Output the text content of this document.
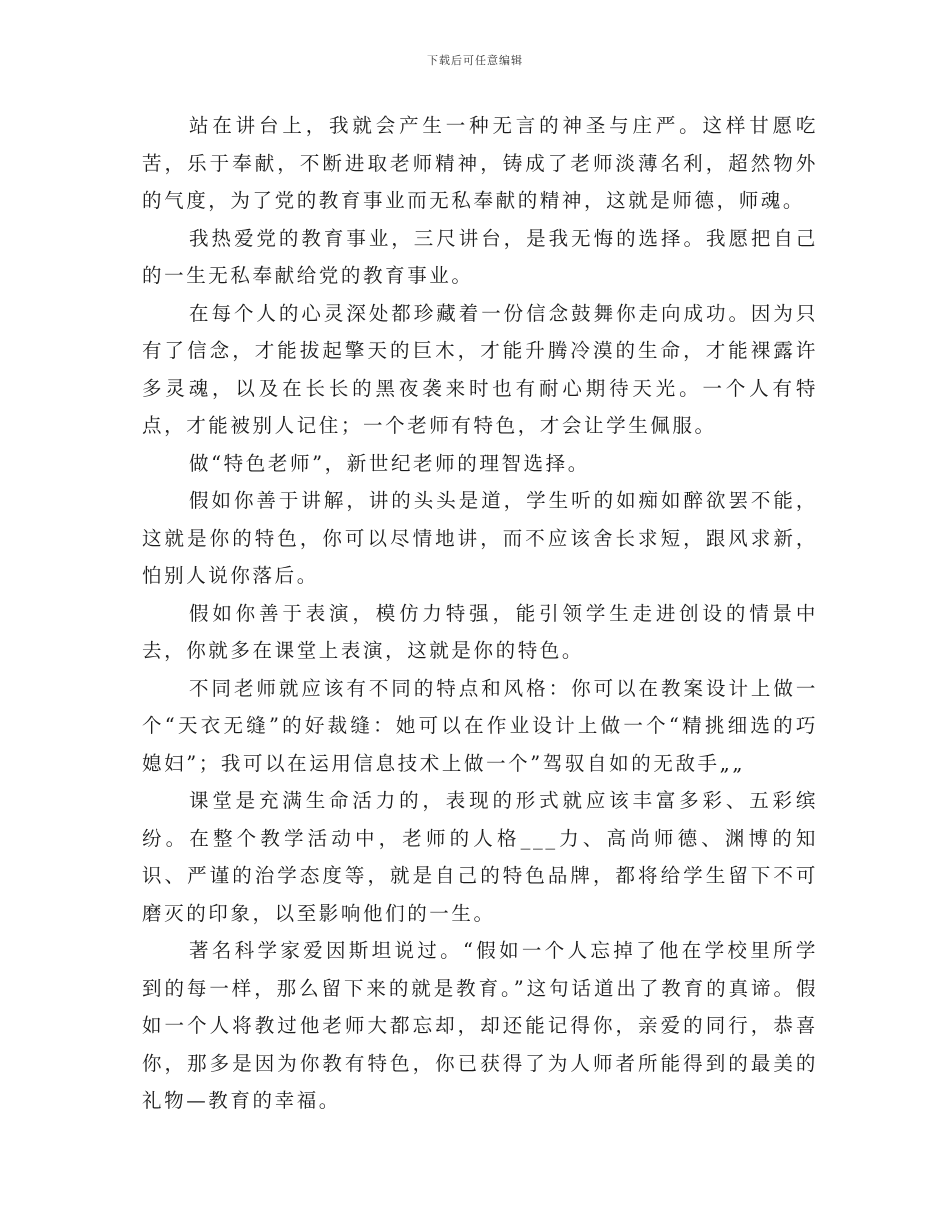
下载后可任意编辑

站在讲台上，我就会产生一种无言的神圣与庄严。这样甘愿吃苦，乐于奉献，不断进取老师精神，铸成了老师淡薄名利，超然物外的气度，为了党的教育事业而无私奉献的精神，这就是师德，师魂。

我热爱党的教育事业，三尺讲台，是我无悔的选择。我愿把自己的一生无私奉献给党的教育事业。

在每个人的心灵深处都珍藏着一份信念鼓舞你走向成功。因为只有了信念，才能拔起擎天的巨木，才能升腾冷漠的生命，才能裸露许多灵魂，以及在长长的黑夜袭来时也有耐心期待天光。一个人有特点，才能被别人记住；一个老师有特色，才会让学生佩服。

做“特色老师”，新世纪老师的理智选择。

假如你善于讲解，讲的头头是道，学生听的如痴如醉欲罢不能，这就是你的特色，你可以尽情地讲，而不应该舍长求短，跟风求新，怕别人说你落后。

假如你善于表演，模仿力特强，能引领学生走进创设的情景中去，你就多在课堂上表演，这就是你的特色。

不同老师就应该有不同的特点和风格：你可以在教案设计上做一个“天衣无缝”的好裁缝：她可以在作业设计上做一个“精挑细选的巧媳妇”；我可以在运用信息技术上做一个”驾驭自如的无敌手„„

课堂是充满生命活力的，表现的形式就应该丰富多彩、五彩缤纷。在整个教学活动中，老师的人格___力、高尚师德、渊博的知识、严谨的治学态度等，就是自己的特色品牌，都将给学生留下不可磨灭的印象，以至影响他们的一生。

著名科学家爱因斯坦说过。“假如一个人忘掉了他在学校里所学到的每一样，那么留下来的就是教育。”这句话道出了教育的真谛。假如一个人将教过他老师大都忘却，却还能记得你，亲爱的同行，恭喜你，那多是因为你教有特色，你已获得了为人师者所能得到的最美的礼物—教育的幸福。
